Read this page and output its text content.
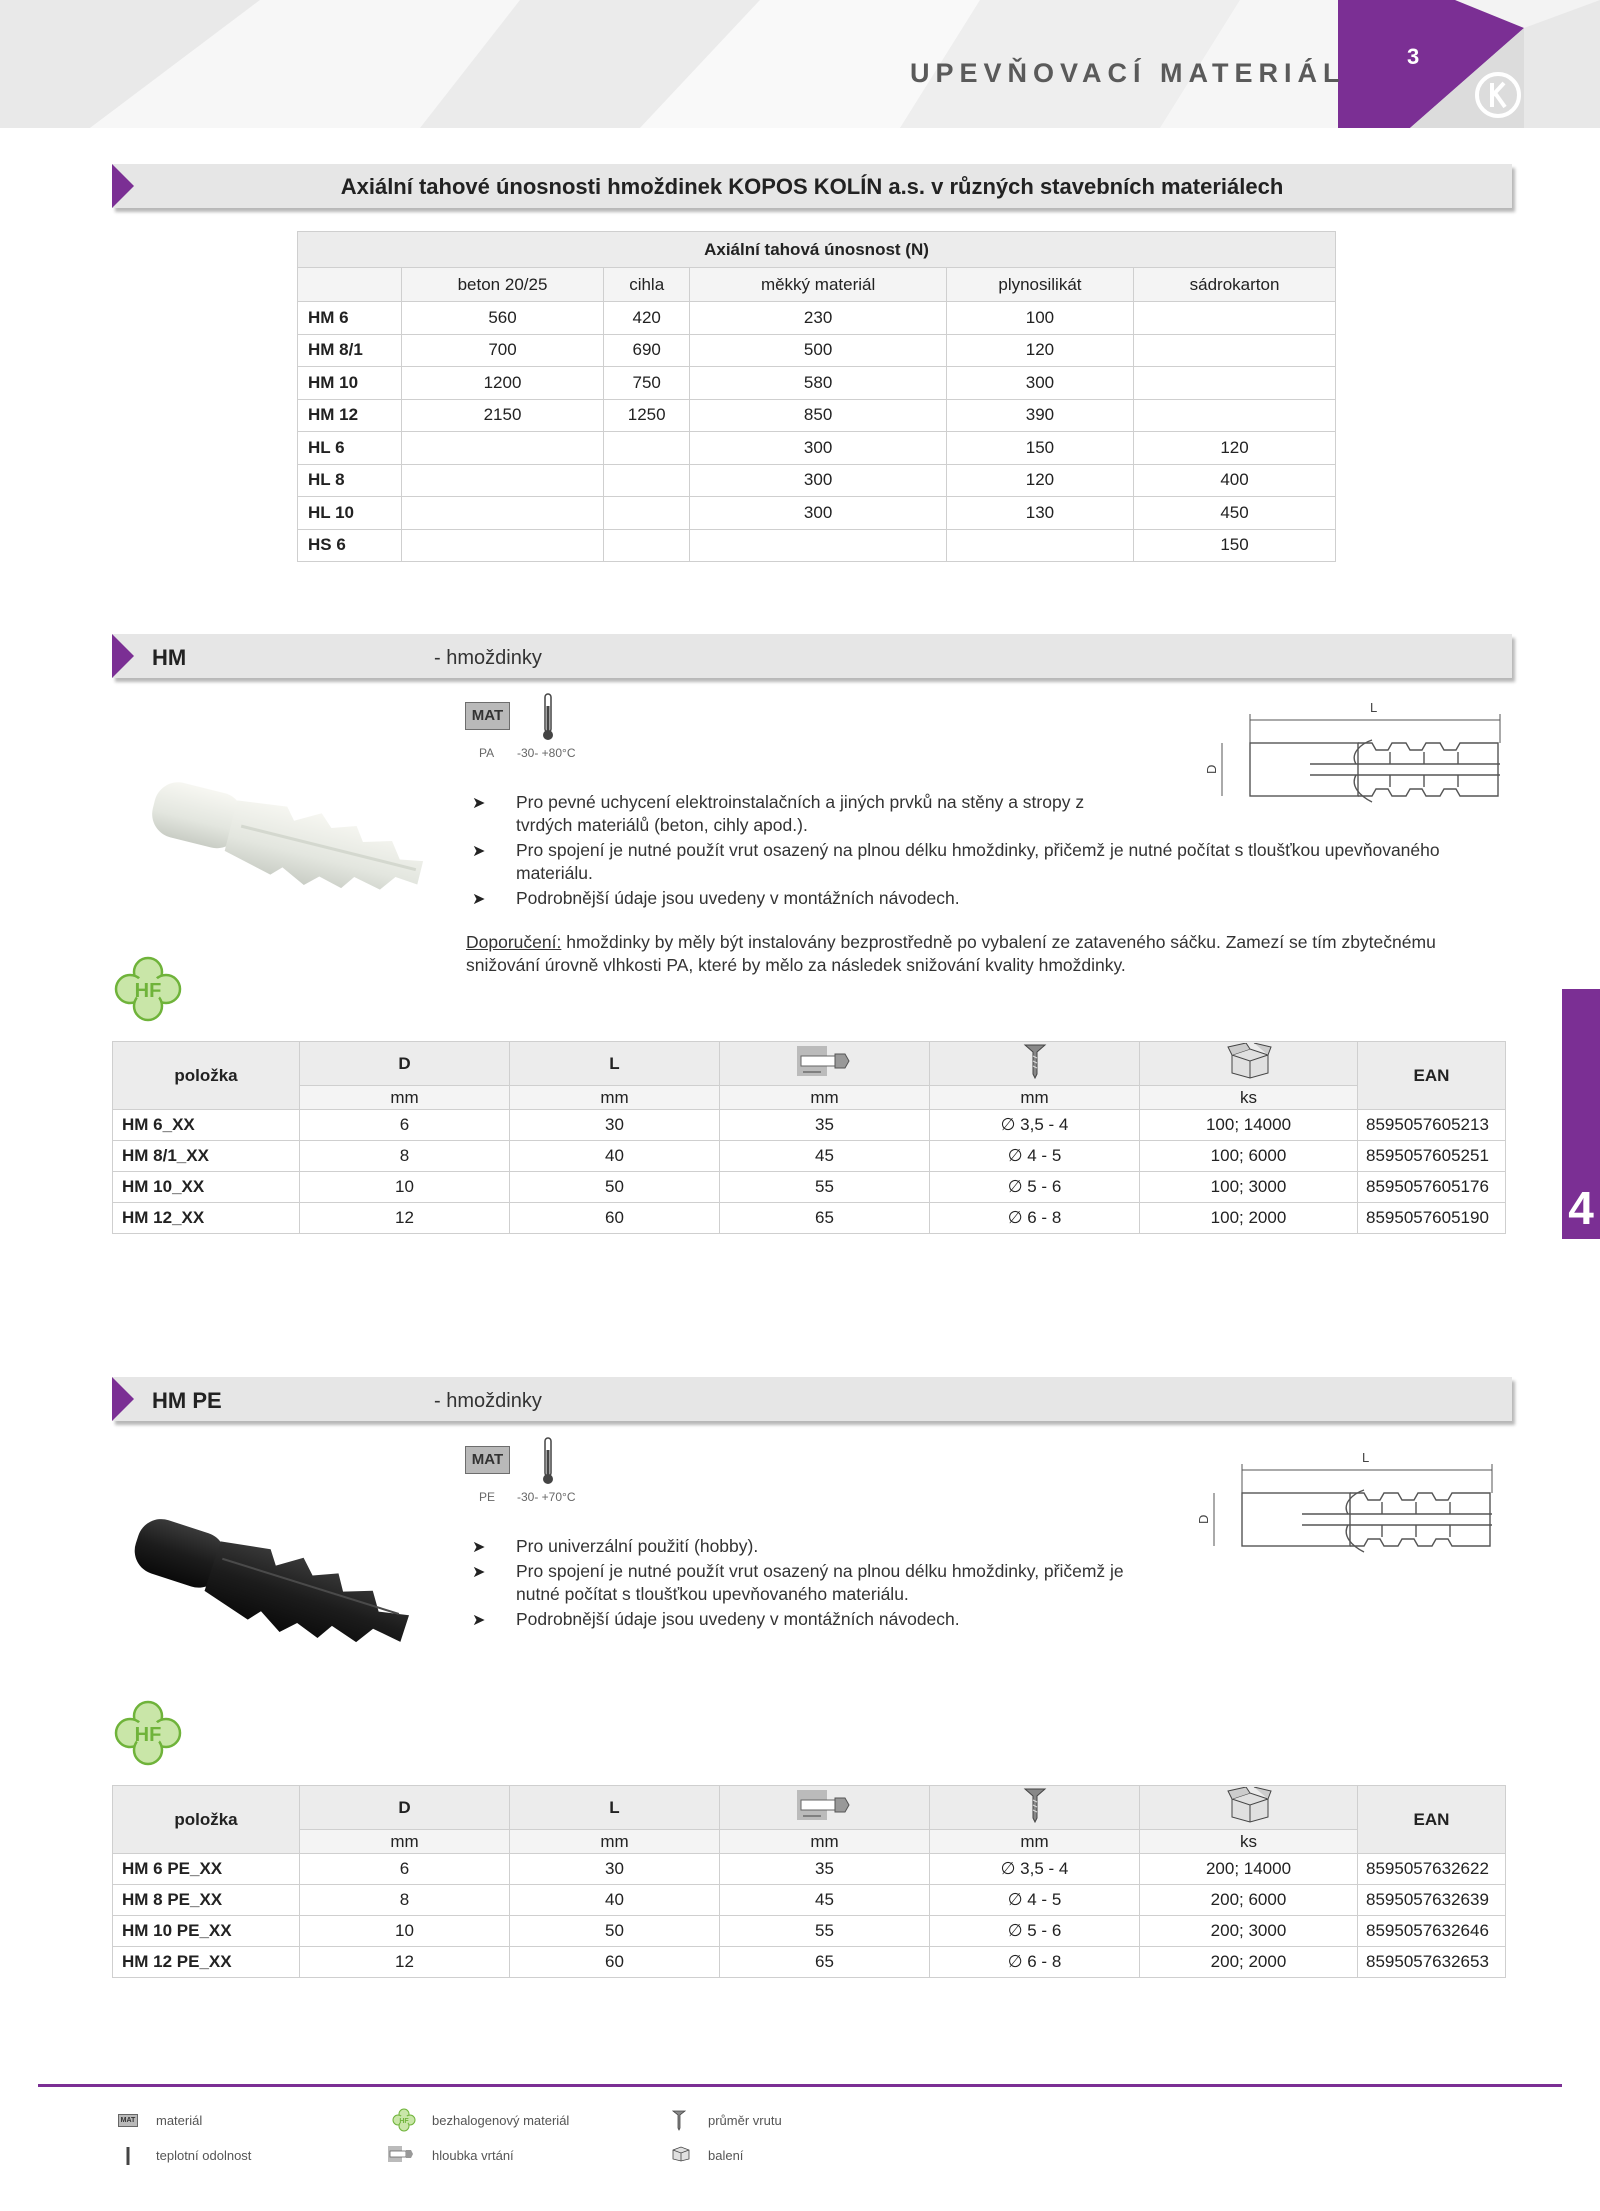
UPEVŇOVACÍ MATERIÁL
3
Axiální tahové únosnosti hmoždinek KOPOS KOLÍN a.s. v různých stavebních materiálech
Axiální tahová únosnost (N)					
	beton 20/25	cihla	měkký materiál	plynosilikát	sádrokarton
HM 6	560	420	230	100	
HM 8/1	700	690	500	120	
HM 10	1200	750	580	300	
HM 12	2150	1250	850	390	
HL 6			300	150	120
HL 8			300	120	400
HL 10			300	130	450
HS 6					150
HM	- hmoždinky
MAT
PA -30- +80°C
L
D
➤ Pro pevné uchycení elektroinstalačních a jiných prvků na stěny a stropy z tvrdých materiálů (beton, cihly apod.).
➤ Pro spojení je nutné použít vrut osazený na plnou délku hmoždinky, přičemž je nutné počítat s tloušťkou upevňovaného materiálu.
➤ Podrobnější údaje jsou uvedeny v montážních návodech.
Doporučení: hmoždinky by měly být instalovány bezprostředně po vybalení ze zataveného sáčku. Zamezí se tím zbytečnému snižování úrovně vlhkosti PA, které by mělo za následek snižování kvality hmoždinky.
HF
položka	D	L				EAN
	mm	mm	mm	mm	ks	
HM 6_XX	6	30	35	∅ 3,5 - 4	100; 14000	8595057605213
HM 8/1_XX	8	40	45	∅ 4 - 5	100; 6000	8595057605251
HM 10_XX	10	50	55	∅ 5 - 6	100; 3000	8595057605176
HM 12_XX	12	60	65	∅ 6 - 8	100; 2000	8595057605190 4
HM PE	- hmoždinky
MAT
PE -30- +70°C
L
D
➤ Pro univerzální použití (hobby).
➤ Pro spojení je nutné použít vrut osazený na plnou délku hmoždinky, přičemž je nutné počítat s tloušťkou upevňovaného materiálu.
➤ Podrobnější údaje jsou uvedeny v montážních návodech.
HF
položka	D	L				EAN
	mm	mm	mm	mm	ks	
HM 6 PE_XX	6	30	35	∅ 3,5 - 4	200; 14000	8595057632622
HM 8 PE_XX	8	40	45	∅ 4 - 5	200; 6000	8595057632639
HM 10 PE_XX	10	50	55	∅ 5 - 6	200; 3000	8595057632646
HM 12 PE_XX	12	60	65	∅ 6 - 8	200; 2000	8595057632653
MAT materiál
teplotní odolnost
HF bezhalogenový materiál
hloubka vrtání
průměr vrutu
balení
